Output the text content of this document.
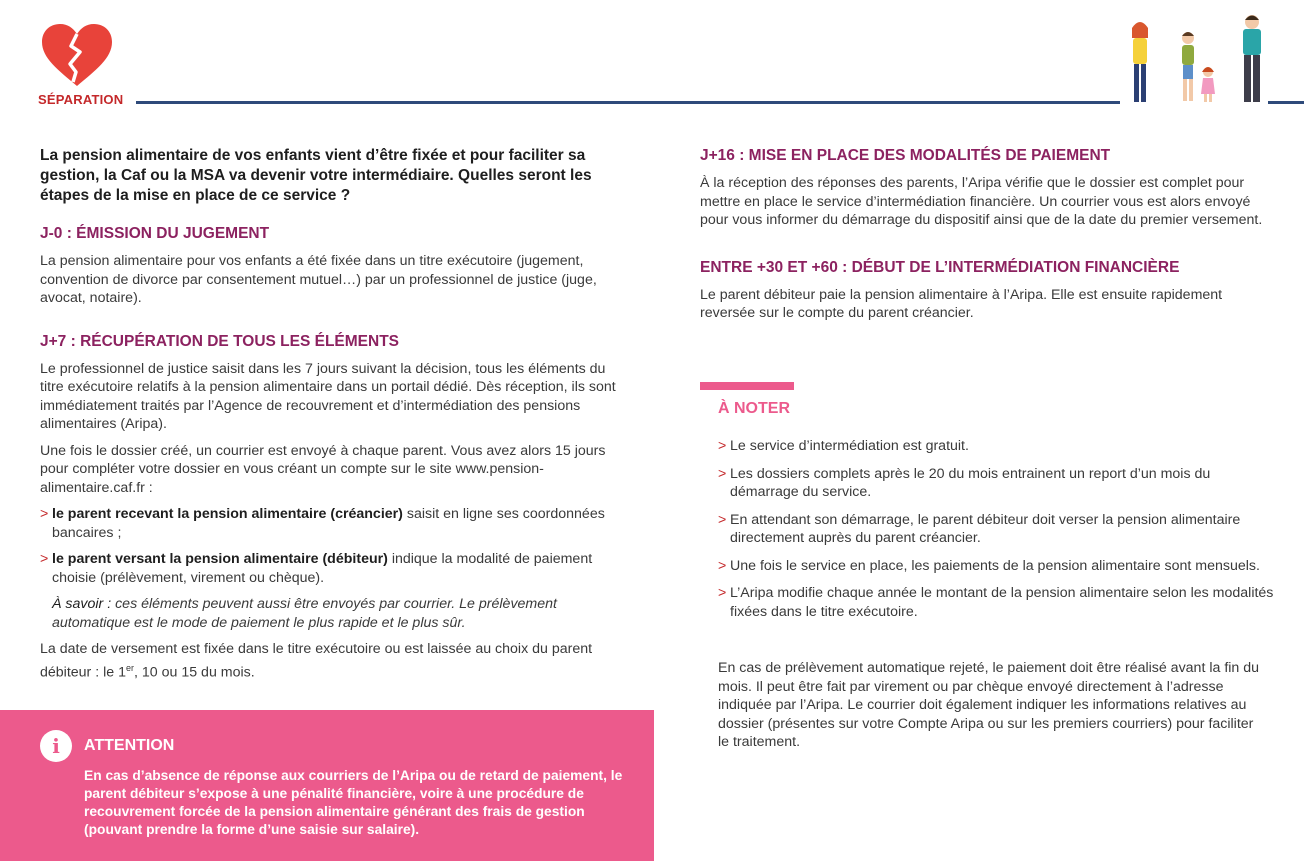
SÉPARATION

La pension alimentaire de vos enfants vient d’être fixée et pour faciliter sa gestion, la Caf ou la MSA va devenir votre intermédiaire. Quelles seront les étapes de la mise en place de ce service ?

J-0 : ÉMISSION DU JUGEMENT

La pension alimentaire pour vos enfants a été fixée dans un titre exécutoire (jugement, convention de divorce par consentement mutuel…) par un professionnel de justice (juge, avocat, notaire).

J+7 : RÉCUPÉRATION DE TOUS LES ÉLÉMENTS

Le professionnel de justice saisit dans les 7 jours suivant la décision, tous les éléments du titre exécutoire relatifs à la pension alimentaire dans un portail dédié. Dès réception, ils sont immédiatement traités par l’Agence de recouvrement et d’intermédiation des pensions alimentaires (Aripa).

Une fois le dossier créé, un courrier est envoyé à chaque parent. Vous avez alors 15 jours pour compléter votre dossier en vous créant un compte sur le site www.pension-alimentaire.caf.fr :

> le parent recevant la pension alimentaire (créancier) saisit en ligne ses coordonnées bancaires ;
> le parent versant la pension alimentaire (débiteur) indique la modalité de paiement choisie (prélèvement, virement ou chèque).

À savoir : ces éléments peuvent aussi être envoyés par courrier. Le prélèvement automatique est le mode de paiement le plus rapide et le plus sûr.

La date de versement est fixée dans le titre exécutoire ou est laissée au choix du parent débiteur : le 1er, 10 ou 15 du mois.

i	ATTENTION
En cas d’absence de réponse aux courriers de l’Aripa ou de retard de paiement, le parent débiteur s’expose à une pénalité financière, voire à une procédure de recouvrement forcée de la pension alimentaire générant des frais de gestion (pouvant prendre la forme d’une saisie sur salaire).
J+16 : MISE EN PLACE DES MODALITÉS DE PAIEMENT

À la réception des réponses des parents, l’Aripa vérifie que le dossier est complet pour mettre en place le service d’intermédiation financière. Un courrier vous est alors envoyé pour vous informer du démarrage du dispositif ainsi que de la date du premier versement.

ENTRE +30 ET +60 : DÉBUT DE L’INTERMÉDIATION FINANCIÈRE

Le parent débiteur paie la pension alimentaire à l’Aripa. Elle est ensuite rapidement reversée sur le compte du parent créancier.

À NOTER
> Le service d’intermédiation est gratuit.
> Les dossiers complets après le 20 du mois entrainent un report d’un mois du démarrage du service.
> En attendant son démarrage, le parent débiteur doit verser la pension alimentaire directement auprès du parent créancier.
> Une fois le service en place, les paiements de la pension alimentaire sont mensuels.
> L’Aripa modifie chaque année le montant de la pension alimentaire selon les modalités fixées dans le titre exécutoire.

En cas de prélèvement automatique rejeté, le paiement doit être réalisé avant la fin du mois. Il peut être fait par virement ou par chèque envoyé directement à l’adresse indiquée par l’Aripa. Le courrier doit également indiquer les informations relatives au dossier (présentes sur votre Compte Aripa ou sur les premiers courriers) pour faciliter le traitement.
